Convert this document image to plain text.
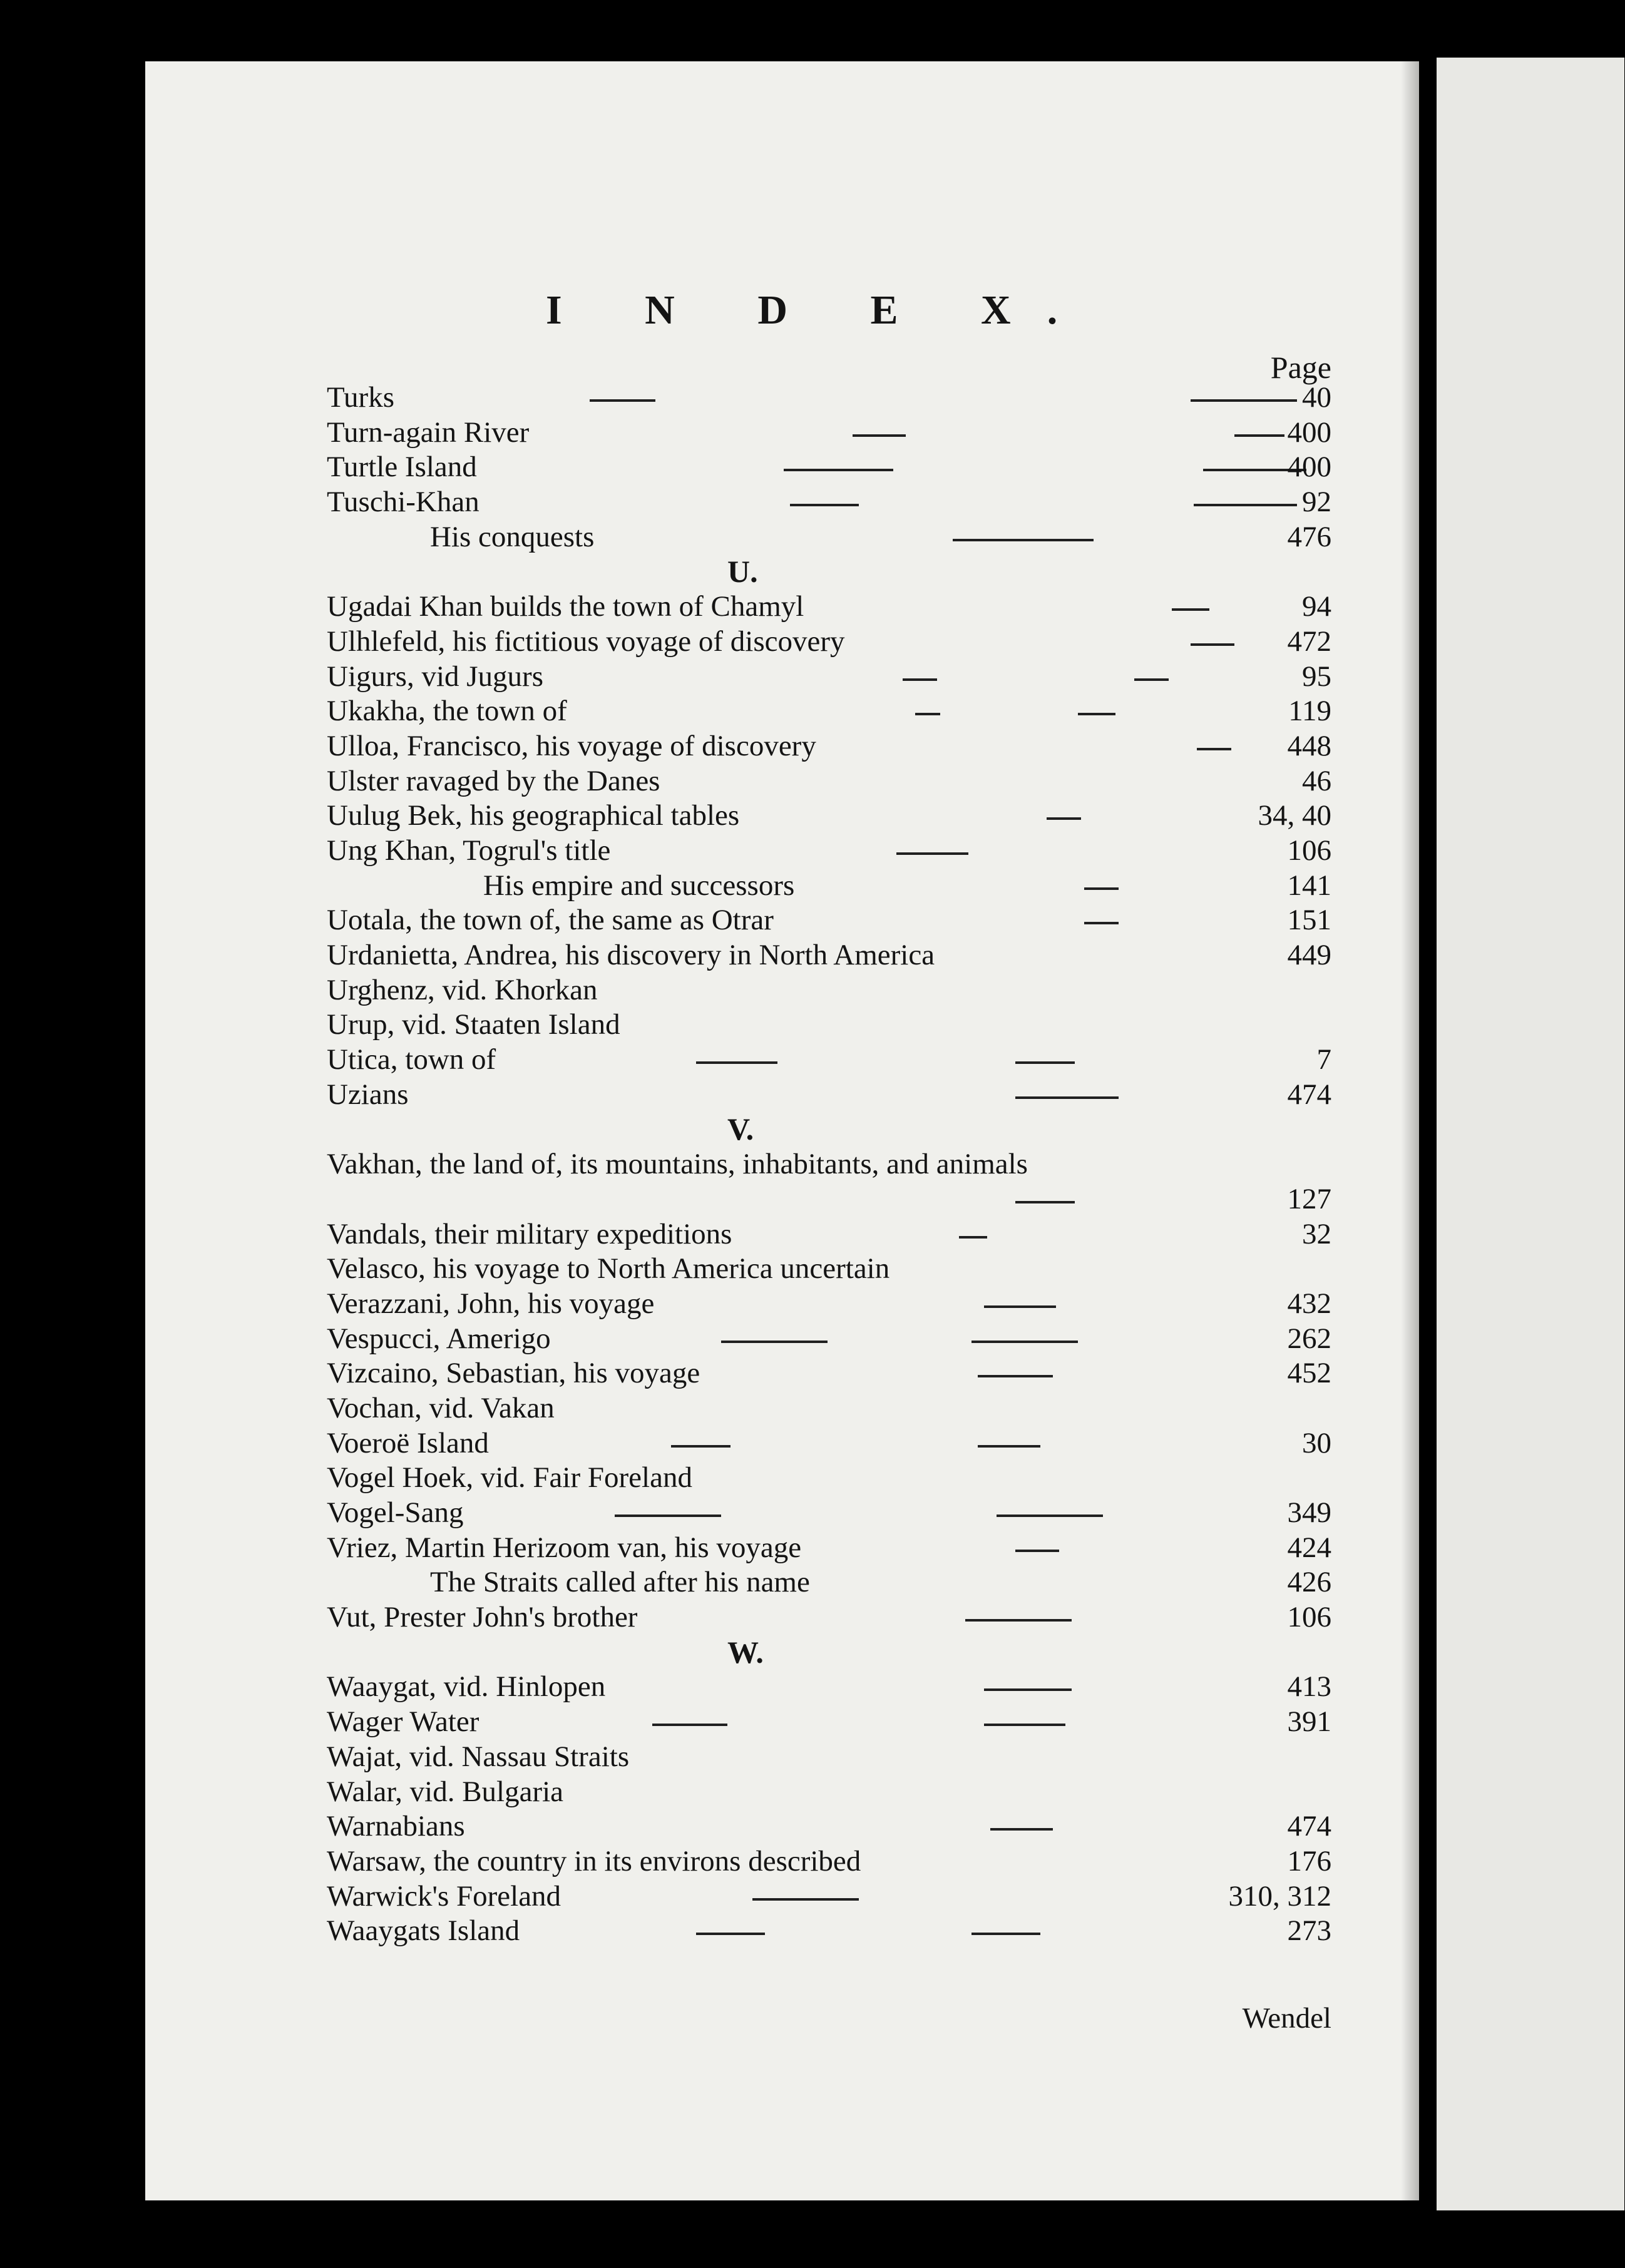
I N D E X.
Page
Turks	40
Turn-again River	400
Turtle Island	400
Tuschi-Khan	92
His conquests	476
U.
Ugadai Khan builds the town of Chamyl	94
Ulhlefeld, his fictitious voyage of discovery	472
Uigurs, vid Jugurs	95
Ukakha, the town of	119
Ulloa, Francisco, his voyage of discovery	448
Ulster ravaged by the Danes	46
Uulug Bek, his geographical tables	34, 40
Ung Khan, Togrul's title	106
His empire and successors	141
Uotala, the town of, the same as Otrar	151
Urdanietta, Andrea, his discovery in North America	449
Urghenz, vid. Khorkan
Urup, vid. Staaten Island
Utica, town of	7
Uzians	474
V.
Vakhan, the land of, its mountains, inhabitants, and animals
127
Vandals, their military expeditions	32
Velasco, his voyage to North America uncertain
Verazzani, John, his voyage	432
Vespucci, Amerigo	262
Vizcaino, Sebastian, his voyage	452
Vochan, vid. Vakan
Voeroë Island	30
Vogel Hoek, vid. Fair Foreland
Vogel-Sang	349
Vriez, Martin Herizoom van, his voyage	424
The Straits called after his name	426
Vut, Prester John's brother	106
W.
Waaygat, vid. Hinlopen	413
Wager Water	391
Wajat, vid. Nassau Straits
Walar, vid. Bulgaria
Warnabians	474
Warsaw, the country in its environs described	176
Warwick's Foreland	310, 312
Waaygats Island	273
Wendel
